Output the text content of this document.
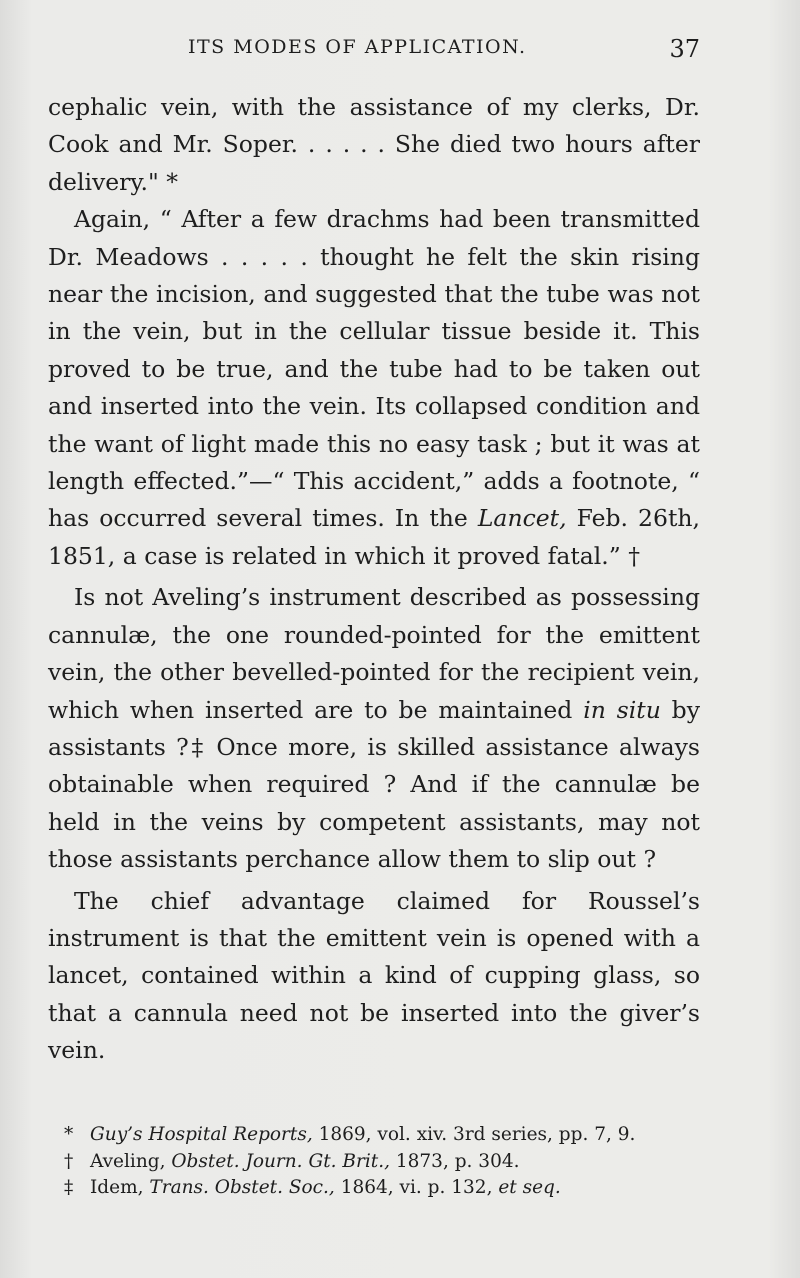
ITS MODES OF APPLICATION.	37

cephalic vein, with the assistance of my clerks, Dr. Cook and Mr. Soper. . . . . . She died two hours after delivery." *

Again, “ After a few drachms had been transmitted Dr. Meadows . . . . . thought he felt the skin rising near the incision, and suggested that the tube was not in the vein, but in the cellular tissue beside it. This proved to be true, and the tube had to be taken out and inserted into the vein. Its collapsed condition and the want of light made this no easy task ; but it was at length effected.”—“ This accident,” adds a footnote, “ has occurred several times. In the Lancet, Feb. 26th, 1851, a case is related in which it proved fatal.” †

Is not Aveling’s instrument described as possessing cannulæ, the one rounded-pointed for the emittent vein, the other bevelled-pointed for the recipient vein, which when inserted are to be maintained in situ by assistants ?‡ Once more, is skilled assistance always obtainable when required ? And if the cannulæ be held in the veins by competent assistants, may not those assistants perchance allow them to slip out ?

The chief advantage claimed for Roussel’s instrument is that the emittent vein is opened with a lancet, contained within a kind of cupping glass, so that a cannula need not be inserted into the giver’s vein.

* Guy’s Hospital Reports, 1869, vol. xiv. 3rd series, pp. 7, 9.
† Aveling, Obstet. Journ. Gt. Brit., 1873, p. 304.
‡ Idem, Trans. Obstet. Soc., 1864, vi. p. 132, et seq.
